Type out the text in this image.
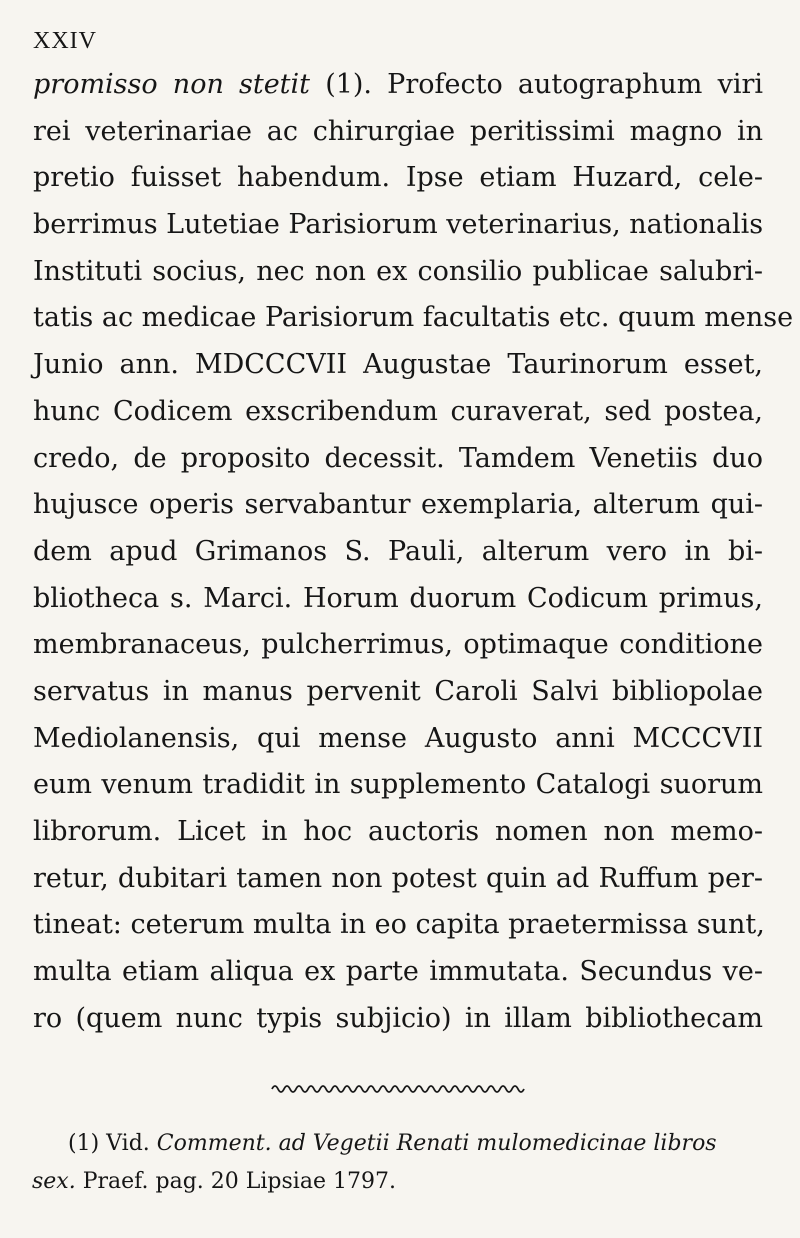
XXIV
promisso non stetit (1). Profecto autographum viri
rei veterinariae ac chirurgiae peritissimi magno in
pretio fuisset habendum. Ipse etiam Huzard, cele-
berrimus Lutetiae Parisiorum veterinarius, nationalis
Instituti socius, nec non ex consilio publicae salubri-
tatis ac medicae Parisiorum facultatis etc. quum mense
Junio ann. MDCCCVII Augustae Taurinorum esset,
hunc Codicem exscribendum curaverat, sed postea,
credo, de proposito decessit. Tamdem Venetiis duo
hujusce operis servabantur exemplaria, alterum qui-
dem apud Grimanos S. Pauli, alterum vero in bi-
bliotheca s. Marci. Horum duorum Codicum primus,
membranaceus, pulcherrimus, optimaque conditione
servatus in manus pervenit Caroli Salvi bibliopolae
Mediolanensis, qui mense Augusto anni MCCCVII
eum venum tradidit in supplemento Catalogi suorum
librorum. Licet in hoc auctoris nomen non memo-
retur, dubitari tamen non potest quin ad Ruffum per-
tineat: ceterum multa in eo capita praetermissa sunt,
multa etiam aliqua ex parte immutata. Secundus ve-
ro (quem nunc typis subjicio) in illam bibliothecam
(1) Vid. Comment. ad Vegetii Renati mulomedicinae libros
sex. Praef. pag. 20 Lipsiae 1797.
